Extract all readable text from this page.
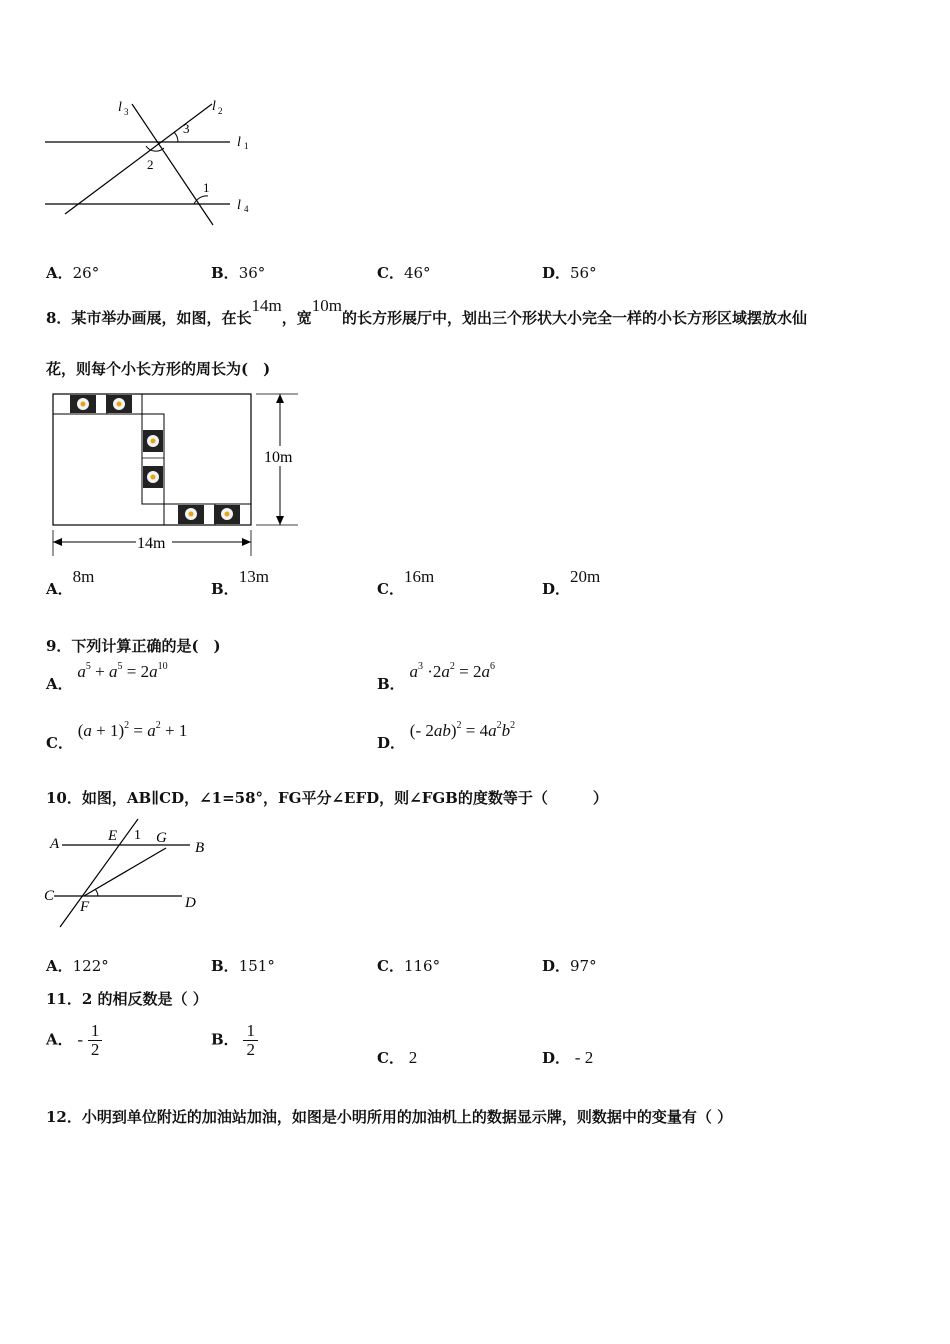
l 3	l 2
l 1
l 4
3
2
1
A．26°	B．36°	C．46°	D．56°
8．某市举办画展，如图，在长14m，宽10m的长方形展厅中，划出三个形状大小完全一样的小长方形区域摆放水仙
花，则每个小长方形的周长为(　)
10m
14m
A．8m
B．13m
C．16m
D．20m
9．下列计算正确的是(　)
A． $a^5 + a^5 = 2a^{10}$
B． $a^3 \cdot 2a^2 = 2a^6$
C． $(a + 1)^2 = a^2 + 1$
D． (- $2ab)^2 = 4a^2b^2$
10．如图，AB∥CD，∠1=58°，FG平分∠EFD，则∠FGB的度数等于（　　　）
A	B
C	D
E
F
G
1
A．122°	B．151°	C．116°	D．97°
11．2 的相反数是（ ）
A． - $\frac{1}{2}$	B． $\frac{1}{2}$	C． 2	D． - 2
12．小明到单位附近的加油站加油，如图是小明所用的加油机上的数据显示牌，则数据中的变量有（ ）
